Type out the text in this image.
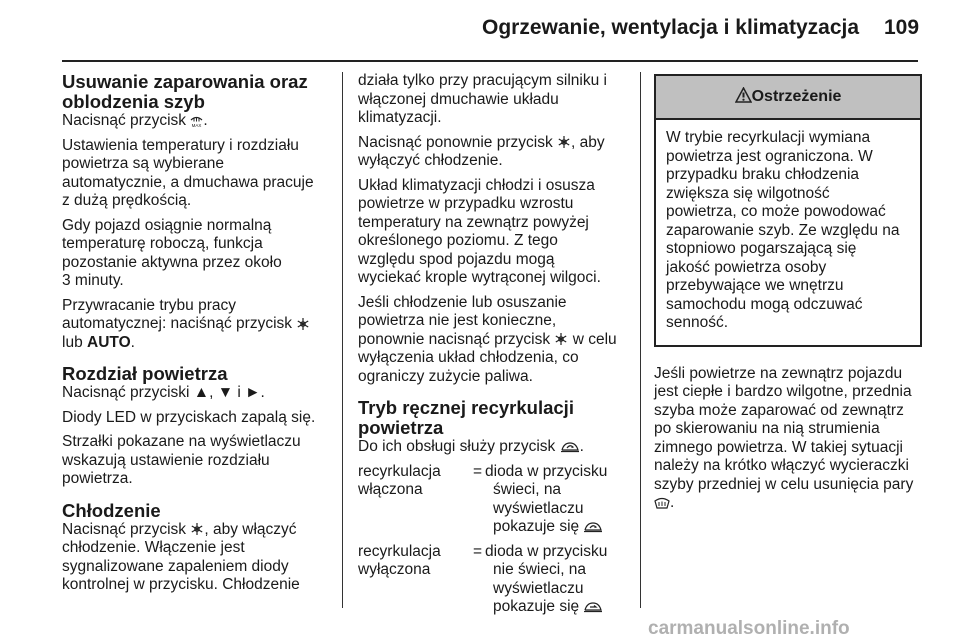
Ogrzewanie, wentylacja i klimatyzacja 109
Usuwanie zaparowania oraz
oblodzenia szyb

Nacisnąć przycisk MAX .

Ustawienia temperatury i rozdziału
powietrza są wybierane
automatycznie, a dmuchawa pracuje
z dużą prędkością.

Gdy pojazd osiągnie normalną
temperaturę roboczą, funkcja
pozostanie aktywna przez około
3 minuty.

Przywracanie trybu pracy
automatycznej: naciśnąć przycisk
lub AUTO.

Rozdział powietrza

Nacisnąć przyciski ▲, ▼ i ►.

Diody LED w przyciskach zapalą się.

Strzałki pokazane na wyświetlaczu
wskazują ustawienie rozdziału
powietrza.

Chłodzenie

Nacisnąć przycisk , aby włączyć
chłodzenie. Włączenie jest
sygnalizowane zapaleniem diody
kontrolnej w przycisku. Chłodzenie

działa tylko przy pracującym silniku i
włączonej dmuchawie układu
klimatyzacji.

Nacisnąć ponownie przycisk , aby
wyłączyć chłodzenie.

Układ klimatyzacji chłodzi i osusza
powietrze w przypadku wzrostu
temperatury na zewnątrz powyżej
określonego poziomu. Z tego
względu spod pojazdu mogą
wyciekać krople wytrąconej wilgoci.

Jeśli chłodzenie lub osuszanie
powietrza nie jest konieczne,
ponownie nacisnąć przycisk  w celu
wyłączenia układ chłodzenia, co
ograniczy zużycie paliwa.

Tryb ręcznej recyrkulacji
powietrza

Do ich obsługi służy przycisk .

recyrkulacja
włączona
= dioda w przycisku
świeci, na
wyświetlaczu
pokazuje się
recyrkulacja
wyłączona
= dioda w przycisku
nie świeci, na
wyświetlaczu
pokazuje się
Ostrzeżenie
W trybie recyrkulacji wymiana
powietrza jest ograniczona. W
przypadku braku chłodzenia
zwiększa się wilgotność
powietrza, co może powodować
zaparowanie szyb. Ze względu na
stopniowo pogarszającą się
jakość powietrza osoby
przebywające we wnętrzu
samochodu mogą odczuwać
senność.

Jeśli powietrze na zewnątrz pojazdu
jest ciepłe i bardzo wilgotne, przednia
szyba może zaparować od zewnątrz
po skierowaniu na nią strumienia
zimnego powietrza. W takiej sytuacji
należy na krótko włączyć wycieraczki
szyby przedniej w celu usunięcia pary
.

carmanualsonline.info
